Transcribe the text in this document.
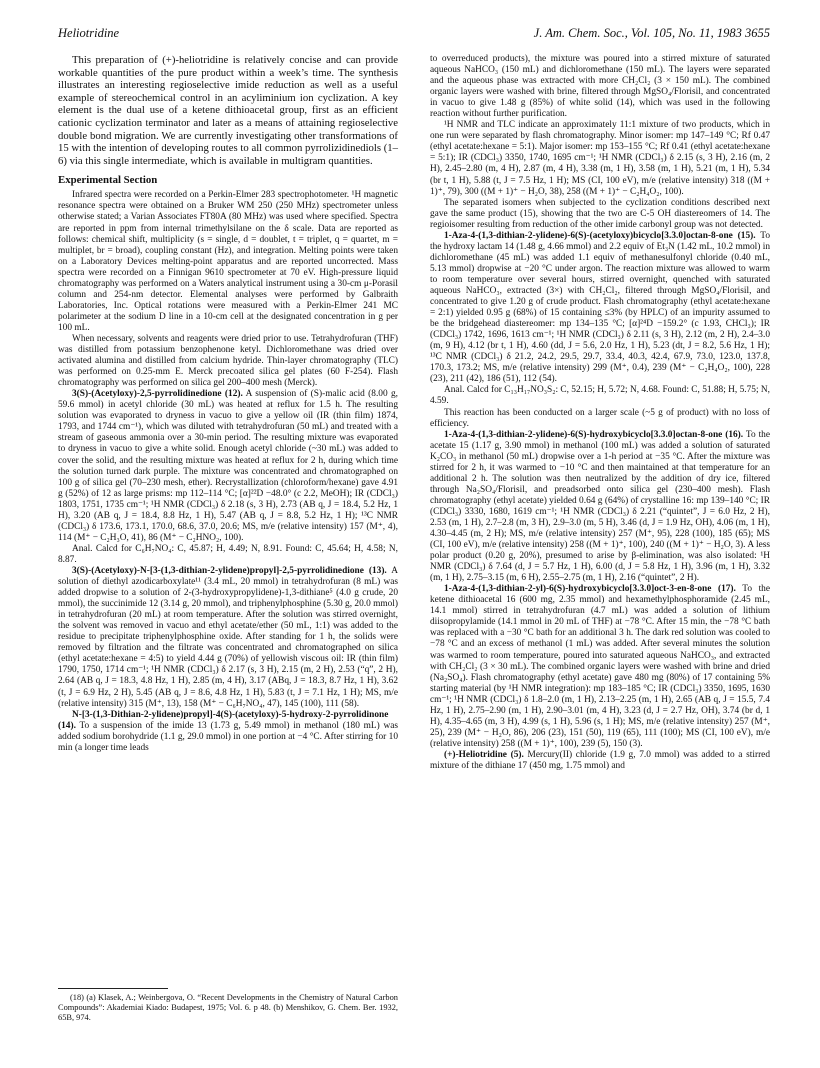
Heliotridine	J. Am. Chem. Soc., Vol. 105, No. 11, 1983 3655

This preparation of (+)-heliotridine is relatively concise and can provide workable quantities of the pure product within a week’s time. The synthesis illustrates an interesting regioselective imide reduction as well as a useful example of stereochemical control in an acyliminium ion cyclization. A key element is the dual use of a ketene dithioacetal group, first as an efficient cationic cyclization terminator and later as a means of attaining regioselective double bond migration. We are currently investigating other transformations of 15 with the intention of developing routes to all common pyrrolizidinediols (1–6) via this single intermediate, which is available in multigram quantities.

Experimental Section

Infrared spectra were recorded on a Perkin-Elmer 283 spectrophotometer. ¹H magnetic resonance spectra were obtained on a Bruker WM 250 (250 MHz) spectrometer unless otherwise stated; a Varian Associates FT80A (80 MHz) was used where specified. Spectra are reported in ppm from internal trimethylsilane on the δ scale. Data are reported as follows: chemical shift, multiplicity (s = single, d = doublet, t = triplet, q = quartet, m = multiplet, br = broad), coupling constant (Hz), and integration. Melting points were taken on a Laboratory Devices melting-point apparatus and are reported uncorrected. Mass spectra were recorded on a Finnigan 9610 spectrometer at 70 eV. High-pressure liquid chromatography was performed on a Waters analytical instrument using a 30-cm μ-Porasil column and 254-nm detector. Elemental analyses were performed by Galbraith Laboratories, Inc. Optical rotations were measured with a Perkin-Elmer 241 MC polarimeter at the sodium D line in a 10-cm cell at the designated concentration in g per 100 mL.

When necessary, solvents and reagents were dried prior to use. Tetrahydrofuran (THF) was distilled from potassium benzophenone ketyl. Dichloromethane was dried over activated alumina and distilled from calcium hydride. Thin-layer chromatography (TLC) was performed on 0.25-mm E. Merck precoated silica gel plates (60 F-254). Flash chromatography was performed on silica gel 200–400 mesh (Merck).

3(S)-(Acetyloxy)-2,5-pyrrolidinedione (12). A suspension of (S)-malic acid (8.00 g, 59.6 mmol) in acetyl chloride (30 mL) was heated at reflux for 1.5 h. The resulting solution was evaporated to dryness in vacuo to give a yellow oil (IR (thin film) 1874, 1793, and 1744 cm⁻¹), which was diluted with tetrahydrofuran (50 mL) and treated with a stream of gaseous ammonia over a 30-min period. The resulting mixture was evaporated to dryness in vacuo to give a white solid. Enough acetyl chloride (~30 mL) was added to cover the solid, and the resulting mixture was heated at reflux for 2 h, during which time the solution turned dark purple. The mixture was concentrated and chromatographed on 100 g of silica gel (70–230 mesh, ether). Recrystallization (chloroform/hexane) gave 4.91 g (52%) of 12 as large prisms: mp 112–114 °C; [α]²²D −48.0° (c 2.2, MeOH); IR (CDCl₃) 1803, 1751, 1735 cm⁻¹; ¹H NMR (CDCl₃) δ 2.18 (s, 3 H), 2.73 (AB q, J = 18.4, 5.2 Hz, 1 H), 3.20 (AB q, J = 18.4, 8.8 Hz, 1 H), 5.47 (AB q, J = 8.8, 5.2 Hz, 1 H); ¹³C NMR (CDCl₃) δ 173.6, 173.1, 170.0, 68.6, 37.0, 20.6; MS, m/e (relative intensity) 157 (M⁺, 4), 114 (M⁺ − C₂H₃O, 41), 86 (M⁺ − C₂HNO₂, 100).

Anal. Calcd for C₆H₇NO₄: C, 45.87; H, 4.49; N, 8.91. Found: C, 45.64; H, 4.58; N, 8.87.

3(S)-(Acetyloxy)-N-[3-(1,3-dithian-2-ylidene)propyl]-2,5-pyrrolidinedione (13). A solution of diethyl azodicarboxylate¹¹ (3.4 mL, 20 mmol) in tetrahydrofuran (8 mL) was added dropwise to a solution of 2-(3-hydroxypropylidene)-1,3-dithiane⁵ (4.0 g crude, 20 mmol), the succinimide 12 (3.14 g, 20 mmol), and triphenylphosphine (5.30 g, 20.0 mmol) in tetrahydrofuran (20 mL) at room temperature. After the solution was stirred overnight, the solvent was removed in vacuo and ethyl acetate/ether (50 mL, 1:1) was added to the residue to precipitate triphenylphosphine oxide. After standing for 1 h, the solids were removed by filtration and the filtrate was concentrated and chromatographed on silica (ethyl acetate:hexane = 4:5) to yield 4.44 g (70%) of yellowish viscous oil: IR (thin film) 1790, 1750, 1714 cm⁻¹; ¹H NMR (CDCl₃) δ 2.17 (s, 3 H), 2.15 (m, 2 H), 2.53 (“q”, 2 H), 2.64 (AB q, J = 18.3, 4.8 Hz, 1 H), 2.85 (m, 4 H), 3.17 (ABq, J = 18.3, 8.7 Hz, 1 H), 3.62 (t, J = 6.9 Hz, 2 H), 5.45 (AB q, J = 8.6, 4.8 Hz, 1 H), 5.83 (t, J = 7.1 Hz, 1 H); MS, m/e (relative intensity) 315 (M⁺, 13), 158 (M⁺ − C₆H₇NO₄, 47), 145 (100), 111 (58).

N-[3-(1,3-Dithian-2-ylidene)propyl]-4(S)-(acetyloxy)-5-hydroxy-2-pyrrolidinone (14). To a suspension of the imide 13 (1.73 g, 5.49 mmol) in methanol (180 mL) was added sodium borohydride (1.1 g, 29.0 mmol) in one portion at −4 °C. After stirring for 10 min (a longer time leads

(18) (a) Klasek, A.; Weinbergova, O. “Recent Developments in the Chemistry of Natural Carbon Compounds”: Akademiai Kiado: Budapest, 1975; Vol. 6. p 48. (b) Menshikov, G. Chem. Ber. 1932, 65B, 974.

to overreduced products), the mixture was poured into a stirred mixture of saturated aqueous NaHCO₃ (150 mL) and dichloromethane (150 mL). The layers were separated and the aqueous phase was extracted with more CH₂Cl₂ (3 × 150 mL). The combined organic layers were washed with brine, filtered through MgSO₄/Florisil, and concentrated in vacuo to give 1.48 g (85%) of white solid (14), which was used in the following reaction without further purification.

¹H NMR and TLC indicate an approximately 11:1 mixture of two products, which in one run were separated by flash chromatography. Minor isomer: mp 147–149 °C; Rf 0.47 (ethyl acetate:hexane = 5:1). Major isomer: mp 153–155 °C; Rf 0.41 (ethyl acetate:hexane = 5:1); IR (CDCl₃) 3350, 1740, 1695 cm⁻¹; ¹H NMR (CDCl₃) δ 2.15 (s, 3 H), 2.16 (m, 2 H), 2.45–2.80 (m, 4 H), 2.87 (m, 4 H), 3.38 (m, 1 H), 3.58 (m, 1 H), 5.21 (m, 1 H), 5.34 (br t, 1 H), 5.88 (t, J = 7.5 Hz, 1 H); MS (CI, 100 eV), m/e (relative intensity) 318 ((M + 1)⁺, 79), 300 ((M + 1)⁺ − H₂O, 38), 258 ((M + 1)⁺ − C₂H₄O₂, 100).

The separated isomers when subjected to the cyclization conditions described next gave the same product (15), showing that the two are C-5 OH diastereomers of 14. The regioisomer resulting from reduction of the other imide carbonyl group was not detected.

1-Aza-4-(1,3-dithian-2-ylidene)-6(S)-(acetyloxy)bicyclo[3.3.0]octan-8-one (15). To the hydroxy lactam 14 (1.48 g, 4.66 mmol) and 2.2 equiv of Et₃N (1.42 mL, 10.2 mmol) in dichloromethane (45 mL) was added 1.1 equiv of methanesulfonyl chloride (0.40 mL, 5.13 mmol) dropwise at −20 °C under argon. The reaction mixture was allowed to warm to room temperature over several hours, stirred overnight, quenched with saturated aqueous NaHCO₃, extracted (3×) with CH₂Cl₂, filtered through MgSO₄/Florisil, and concentrated to give 1.20 g of crude product. Flash chromatography (ethyl acetate:hexane = 2:1) yielded 0.95 g (68%) of 15 containing ≤3% (by HPLC) of an impurity assumed to be the bridgehead diastereomer: mp 134–135 °C; [α]²⁴D −159.2° (c 1.93, CHCl₃); IR (CDCl₃) 1742, 1696, 1613 cm⁻¹; ¹H NMR (CDCl₃) δ 2.11 (s, 3 H), 2.12 (m, 2 H), 2.4–3.0 (m, 9 H), 4.12 (br t, 1 H), 4.60 (dd, J = 5.6, 2.0 Hz, 1 H), 5.23 (dt, J = 8.2, 5.6 Hz, 1 H); ¹³C NMR (CDCl₃) δ 21.2, 24.2, 29.5, 29.7, 33.4, 40.3, 42.4, 67.9, 73.0, 123.0, 137.8, 170.3, 173.2; MS, m/e (relative intensity) 299 (M⁺, 0.4), 239 (M⁺ − C₂H₄O₂, 100), 228 (23), 211 (42), 186 (51), 112 (54).

Anal. Calcd for C₁₃H₁₇NO₃S₂: C, 52.15; H, 5.72; N, 4.68. Found: C, 51.88; H, 5.75; N, 4.59.

This reaction has been conducted on a larger scale (~5 g of product) with no loss of efficiency.

1-Aza-4-(1,3-dithian-2-ylidene)-6(S)-hydroxybicyclo[3.3.0]octan-8-one (16). To the acetate 15 (1.17 g, 3.90 mmol) in methanol (100 mL) was added a solution of saturated K₂CO₃ in methanol (50 mL) dropwise over a 1-h period at −35 °C. After the mixture was stirred for 2 h, it was warmed to −10 °C and then maintained at that temperature for an additional 2 h. The solution was then neutralized by the addition of dry ice, filtered through Na₂SO₄/Florisil, and preadsorbed onto silica gel (230–400 mesh). Flash chromatography (ethyl acetate) yielded 0.64 g (64%) of crystalline 16: mp 139–140 °C; IR (CDCl₃) 3330, 1680, 1619 cm⁻¹; ¹H NMR (CDCl₃) δ 2.21 (“quintet”, J = 6.0 Hz, 2 H), 2.53 (m, 1 H), 2.7–2.8 (m, 3 H), 2.9–3.0 (m, 5 H), 3.46 (d, J = 1.9 Hz, OH), 4.06 (m, 1 H), 4.30–4.45 (m, 2 H); MS, m/e (relative intensity) 257 (M⁺, 95), 228 (100), 185 (65); MS (CI, 100 eV), m/e (relative intensity) 258 ((M + 1)⁺, 100), 240 ((M + 1)⁺ − H₂O, 3). A less polar product (0.20 g, 20%), presumed to arise by β-elimination, was also isolated: ¹H NMR (CDCl₃) δ 7.64 (d, J = 5.7 Hz, 1 H), 6.00 (d, J = 5.8 Hz, 1 H), 3.96 (m, 1 H), 3.32 (m, 1 H), 2.75–3.15 (m, 6 H), 2.55–2.75 (m, 1 H), 2.16 (“quintet”, 2 H).

1-Aza-4-(1,3-dithian-2-yl)-6(S)-hydroxybicyclo[3.3.0]oct-3-en-8-one (17). To the ketene dithioacetal 16 (600 mg, 2.35 mmol) and hexamethylphosphoramide (2.45 mL, 14.1 mmol) stirred in tetrahydrofuran (4.7 mL) was added a solution of lithium diisopropylamide (14.1 mmol in 20 mL of THF) at −78 °C. After 15 min, the −78 °C bath was replaced with a −30 °C bath for an additional 3 h. The dark red solution was cooled to −78 °C and an excess of methanol (1 mL) was added. After several minutes the solution was warmed to room temperature, poured into saturated aqueous NaHCO₃, and extracted with CH₂Cl₂ (3 × 30 mL). The combined organic layers were washed with brine and dried (Na₂SO₄). Flash chromatography (ethyl acetate) gave 480 mg (80%) of 17 containing 5% starting material (by ¹H NMR integration): mp 183–185 °C; IR (CDCl₃) 3350, 1695, 1630 cm⁻¹; ¹H NMR (CDCl₃) δ 1.8–2.0 (m, 1 H), 2.13–2.25 (m, 1 H), 2.65 (AB q, J = 15.5, 7.4 Hz, 1 H), 2.75–2.90 (m, 1 H), 2.90–3.01 (m, 4 H), 3.23 (d, J = 2.7 Hz, OH), 3.74 (br d, 1 H), 4.35–4.65 (m, 3 H), 4.99 (s, 1 H), 5.96 (s, 1 H); MS, m/e (relative intensity) 257 (M⁺, 25), 239 (M⁺ − H₂O, 86), 206 (23), 151 (50), 119 (65), 111 (100); MS (CI, 100 eV), m/e (relative intensity) 258 ((M + 1)⁺, 100), 239 (5), 150 (3).

(+)-Heliotridine (5). Mercury(II) chloride (1.9 g, 7.0 mmol) was added to a stirred mixture of the dithiane 17 (450 mg, 1.75 mmol) and
